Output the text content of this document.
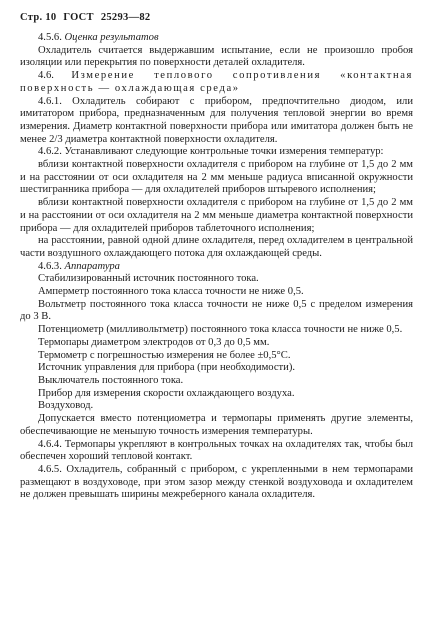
Стр. 10 ГОСТ 25293—82

4.5.6. Оценка результатов

Охладитель считается выдержавшим испытание, если не произошло пробоя изоляции или перекрытия по поверхности деталей охладителя.

4.6. Измерение теплового сопротивления «контактная поверхность — охлаждающая среда»

4.6.1. Охладитель собирают с прибором, предпочтительно диодом, или имитатором прибора, предназначенным для получения тепловой энергии во время измерения. Диаметр контактной поверхности прибора или имитатора должен быть не менее 2/3 диаметра контактной поверхности охладителя.

4.6.2. Устанавливают следующие контрольные точки измерения температур:

вблизи контактной поверхности охладителя с прибором на глубине от 1,5 до 2 мм и на расстоянии от оси охладителя на 2 мм меньше радиуса вписанной окружности шестигранника прибора — для охладителей приборов штыревого исполнения;

вблизи контактной поверхности охладителя с прибором на глубине от 1,5 до 2 мм и на расстоянии от оси охладителя на 2 мм меньше диаметра контактной поверхности прибора — для охладителей приборов таблеточного исполнения;

на расстоянии, равной одной длине охладителя, перед охладителем в центральной части воздушного охлаждающего потока для охлаждающей среды.

4.6.3. Аппаратура

Стабилизированный источник постоянного тока.

Амперметр постоянного тока класса точности не ниже 0,5.

Вольтметр постоянного тока класса точности не ниже 0,5 с пределом измерения до 3 В.

Потенциометр (милливольтметр) постоянного тока класса точности не ниже 0,5.

Термопары диаметром электродов от 0,3 до 0,5 мм.

Термометр с погрешностью измерения не более ±0,5°С.

Источник управления для прибора (при необходимости).

Выключатель постоянного тока.

Прибор для измерения скорости охлаждающего воздуха.

Воздуховод.

Допускается вместо потенциометра и термопары применять другие элементы, обеспечивающие не меньшую точность измерения температуры.

4.6.4. Термопары укрепляют в контрольных точках на охладителях так, чтобы был обеспечен хороший тепловой контакт.

4.6.5. Охладитель, собранный с прибором, с укрепленными в нем термопарами размещают в воздуховоде, при этом зазор между стенкой воздуховода и охладителем не должен превышать ширины межреберного канала охладителя.
